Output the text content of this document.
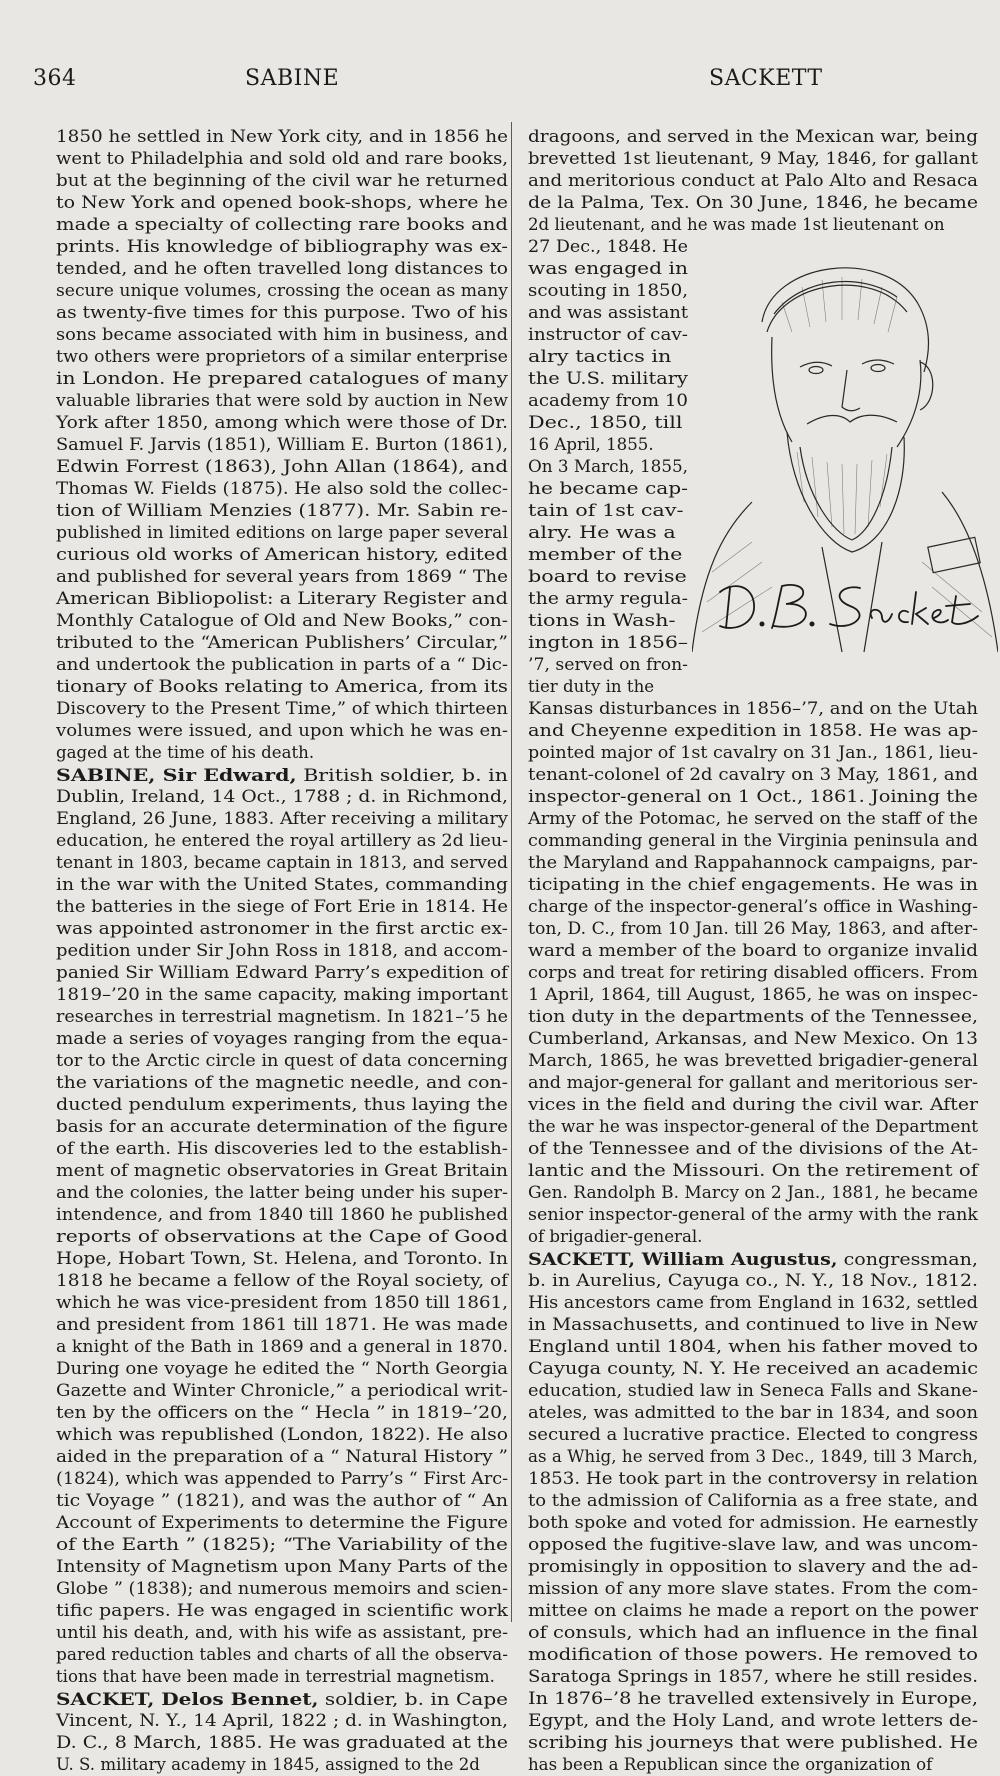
364	SABINE	SACKETT
1850 he settled in New York city, and in 1856 he
went to Philadelphia and sold old and rare books,
but at the beginning of the civil war he returned
to New York and opened book-shops, where he
made a specialty of collecting rare books and
prints. His knowledge of bibliography was ex-
tended, and he often travelled long distances to
secure unique volumes, crossing the ocean as many
as twenty-five times for this purpose. Two of his
sons became associated with him in business, and
two others were proprietors of a similar enterprise
in London. He prepared catalogues of many
valuable libraries that were sold by auction in New
York after 1850, among which were those of Dr.
Samuel F. Jarvis (1851), William E. Burton (1861),
Edwin Forrest (1863), John Allan (1864), and
Thomas W. Fields (1875). He also sold the collec-
tion of William Menzies (1877). Mr. Sabin re-
published in limited editions on large paper several
curious old works of American history, edited
and published for several years from 1869 “ The
American Bibliopolist: a Literary Register and
Monthly Catalogue of Old and New Books,” con-
tributed to the “American Publishers’ Circular,”
and undertook the publication in parts of a “ Dic-
tionary of Books relating to America, from its
Discovery to the Present Time,” of which thirteen
volumes were issued, and upon which he was en-
gaged at the time of his death.
SABINE, Sir Edward, British soldier, b. in
Dublin, Ireland, 14 Oct., 1788 ; d. in Richmond,
England, 26 June, 1883. After receiving a military
education, he entered the royal artillery as 2d lieu-
tenant in 1803, became captain in 1813, and served
in the war with the United States, commanding
the batteries in the siege of Fort Erie in 1814. He
was appointed astronomer in the first arctic ex-
pedition under Sir John Ross in 1818, and accom-
panied Sir William Edward Parry’s expedition of
1819–’20 in the same capacity, making important
researches in terrestrial magnetism. In 1821–’5 he
made a series of voyages ranging from the equa-
tor to the Arctic circle in quest of data concerning
the variations of the magnetic needle, and con-
ducted pendulum experiments, thus laying the
basis for an accurate determination of the figure
of the earth. His discoveries led to the establish-
ment of magnetic observatories in Great Britain
and the colonies, the latter being under his super-
intendence, and from 1840 till 1860 he published
reports of observations at the Cape of Good
Hope, Hobart Town, St. Helena, and Toronto. In
1818 he became a fellow of the Royal society, of
which he was vice-president from 1850 till 1861,
and president from 1861 till 1871. He was made
a knight of the Bath in 1869 and a general in 1870.
During one voyage he edited the “ North Georgia
Gazette and Winter Chronicle,” a periodical writ-
ten by the officers on the “ Hecla ” in 1819–’20,
which was republished (London, 1822). He also
aided in the preparation of a “ Natural History ”
(1824), which was appended to Parry’s “ First Arc-
tic Voyage ” (1821), and was the author of “ An
Account of Experiments to determine the Figure
of the Earth ” (1825); “The Variability of the
Intensity of Magnetism upon Many Parts of the
Globe ” (1838); and numerous memoirs and scien-
tific papers. He was engaged in scientific work
until his death, and, with his wife as assistant, pre-
pared reduction tables and charts of all the observa-
tions that have been made in terrestrial magnetism.
SACKET, Delos Bennet, soldier, b. in Cape
Vincent, N. Y., 14 April, 1822 ; d. in Washington,
D. C., 8 March, 1885. He was graduated at the
U. S. military academy in 1845, assigned to the 2d
dragoons, and served in the Mexican war, being
brevetted 1st lieutenant, 9 May, 1846, for gallant
and meritorious conduct at Palo Alto and Resaca
de la Palma, Tex. On 30 June, 1846, he became
2d lieutenant, and he was made 1st lieutenant on
27 Dec., 1848. He
was engaged in
scouting in 1850,
and was assistant
instructor of cav-
alry tactics in
the U.S. military
academy from 10
Dec., 1850, till
16 April, 1855.
On 3 March, 1855,
he became cap-
tain of 1st cav-
alry. He was a
member of the
board to revise
the army regula-
tions in Wash-
ington in 1856–
’7, served on fron-
tier duty in the
Kansas disturbances in 1856–’7, and on the Utah
and Cheyenne expedition in 1858. He was ap-
pointed major of 1st cavalry on 31 Jan., 1861, lieu-
tenant-colonel of 2d cavalry on 3 May, 1861, and
inspector-general on 1 Oct., 1861. Joining the
Army of the Potomac, he served on the staff of the
commanding general in the Virginia peninsula and
the Maryland and Rappahannock campaigns, par-
ticipating in the chief engagements. He was in
charge of the inspector-general’s office in Washing-
ton, D. C., from 10 Jan. till 26 May, 1863, and after-
ward a member of the board to organize invalid
corps and treat for retiring disabled officers. From
1 April, 1864, till August, 1865, he was on inspec-
tion duty in the departments of the Tennessee,
Cumberland, Arkansas, and New Mexico. On 13
March, 1865, he was brevetted brigadier-general
and major-general for gallant and meritorious ser-
vices in the field and during the civil war. After
the war he was inspector-general of the Department
of the Tennessee and of the divisions of the At-
lantic and the Missouri. On the retirement of
Gen. Randolph B. Marcy on 2 Jan., 1881, he became
senior inspector-general of the army with the rank
of brigadier-general.
SACKETT, William Augustus, congressman,
b. in Aurelius, Cayuga co., N. Y., 18 Nov., 1812.
His ancestors came from England in 1632, settled
in Massachusetts, and continued to live in New
England until 1804, when his father moved to
Cayuga county, N. Y. He received an academic
education, studied law in Seneca Falls and Skane-
ateles, was admitted to the bar in 1834, and soon
secured a lucrative practice. Elected to congress
as a Whig, he served from 3 Dec., 1849, till 3 March,
1853. He took part in the controversy in relation
to the admission of California as a free state, and
both spoke and voted for admission. He earnestly
opposed the fugitive-slave law, and was uncom-
promisingly in opposition to slavery and the ad-
mission of any more slave states. From the com-
mittee on claims he made a report on the power
of consuls, which had an influence in the final
modification of those powers. He removed to
Saratoga Springs in 1857, where he still resides.
In 1876–’8 he travelled extensively in Europe,
Egypt, and the Holy Land, and wrote letters de-
scribing his journeys that were published. He
has been a Republican since the organization of
